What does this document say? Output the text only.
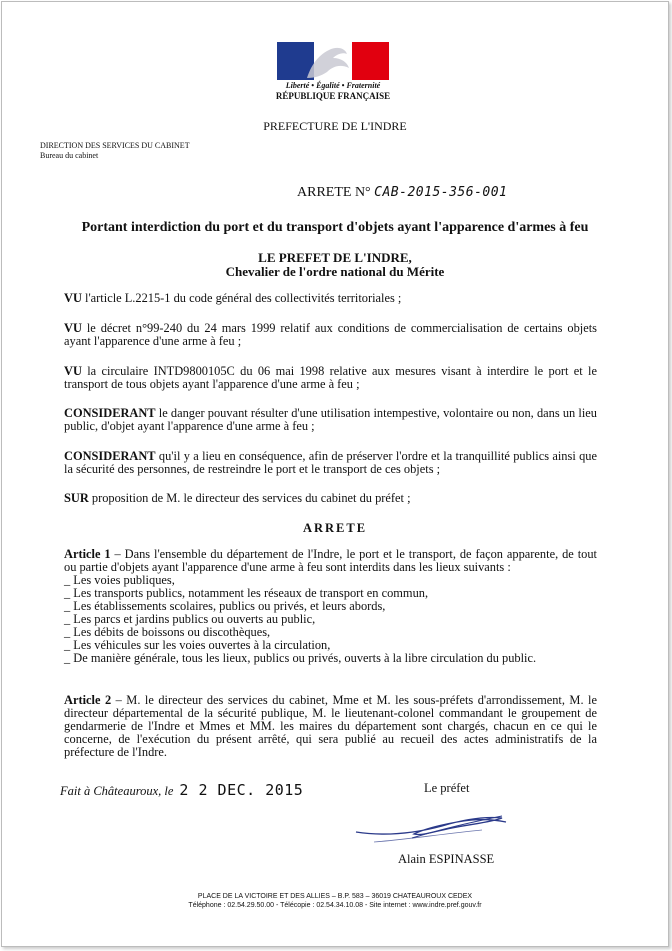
Liberté • Égalité • Fraternité
RÉPUBLIQUE FRANÇAISE
PREFECTURE DE L'INDRE
DIRECTION DES SERVICES DU CABINET
Bureau du cabinet
ARRETE N° CAB-2015-356-001
Portant interdiction du port et du transport d'objets ayant l'apparence d'armes à feu
LE PREFET DE L'INDRE,
Chevalier de l'ordre national du Mérite

VU l'article L.2215-1 du code général des collectivités territoriales ;

VU le décret n°99-240 du 24 mars 1999 relatif aux conditions de commercialisation de certains objets ayant l'apparence d'une arme à feu ;

VU la circulaire INTD9800105C du 06 mai 1998 relative aux mesures visant à interdire le port et le transport de tous objets ayant l'apparence d'une arme à feu ;

CONSIDERANT le danger pouvant résulter d'une utilisation intempestive, volontaire ou non, dans un lieu public, d'objet ayant l'apparence d'une arme à feu ;

CONSIDERANT qu'il y a lieu en conséquence, afin de préserver l'ordre et la tranquillité publics ainsi que la sécurité des personnes, de restreindre le port et le transport de ces objets ;

SUR proposition de M. le directeur des services du cabinet du préfet ;

ARRETE

Article 1 – Dans l'ensemble du département de l'Indre, le port et le transport, de façon apparente, de tout ou partie d'objets ayant l'apparence d'une arme à feu sont interdits dans les lieux suivants :

_ Les voies publiques,
_ Les transports publics, notamment les réseaux de transport en commun,
_ Les établissements scolaires, publics ou privés, et leurs abords,
_ Les parcs et jardins publics ou ouverts au public,
_ Les débits de boissons ou discothèques,
_ Les véhicules sur les voies ouvertes à la circulation,
_ De manière générale, tous les lieux, publics ou privés, ouverts à la libre circulation du public.

Article 2 – M. le directeur des services du cabinet, Mme et M. les sous-préfets d'arrondissement, M. le directeur départemental de la sécurité publique, M. le lieutenant-colonel commandant le groupement de gendarmerie de l'Indre et Mmes et MM. les maires du département sont chargés, chacun en ce qui le concerne, de l'exécution du présent arrêté, qui sera publié au recueil des actes administratifs de la préfecture de l'Indre.

Fait à Châteauroux, le 2 2 DEC. 2015	Le préfet
Alain ESPINASSE
PLACE DE LA VICTOIRE ET DES ALLIES – B.P. 583 – 36019 CHATEAUROUX CEDEX
Téléphone : 02.54.29.50.00 - Télécopie : 02.54.34.10.08 - Site internet : www.indre.pref.gouv.fr
